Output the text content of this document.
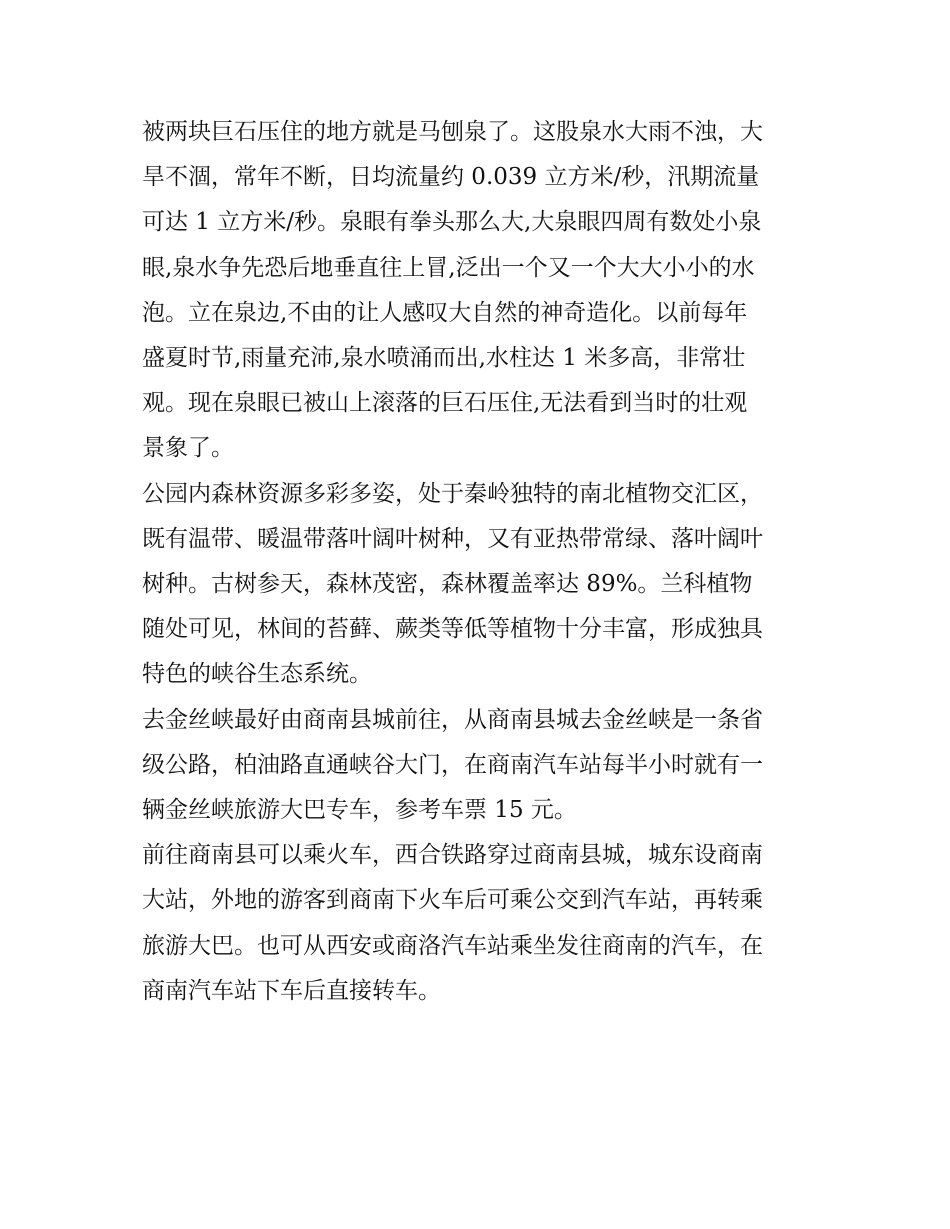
被两块巨石压住的地方就是马刨泉了。这股泉水大雨不浊，大
旱不涸，常年不断，日均流量约 0.039 立方米/秒，汛期流量
可达 1 立方米/秒。泉眼有拳头那么大,大泉眼四周有数处小泉
眼,泉水争先恐后地垂直往上冒,泛出一个又一个大大小小的水
泡。立在泉边,不由的让人感叹大自然的神奇造化。以前每年
盛夏时节,雨量充沛,泉水喷涌而出,水柱达 1 米多高，非常壮
观。现在泉眼已被山上滚落的巨石压住,无法看到当时的壮观
景象了。
公园内森林资源多彩多姿，处于秦岭独特的南北植物交汇区，
既有温带、暖温带落叶阔叶树种，又有亚热带常绿、落叶阔叶
树种。古树参天，森林茂密，森林覆盖率达 89%。兰科植物
随处可见，林间的苔藓、蕨类等低等植物十分丰富，形成独具
特色的峡谷生态系统。
去金丝峡最好由商南县城前往，从商南县城去金丝峡是一条省
级公路，柏油路直通峡谷大门，在商南汽车站每半小时就有一
辆金丝峡旅游大巴专车，参考车票 15 元。
前往商南县可以乘火车，西合铁路穿过商南县城，城东设商南
大站，外地的游客到商南下火车后可乘公交到汽车站，再转乘
旅游大巴。也可从西安或商洛汽车站乘坐发往商南的汽车，在
商南汽车站下车后直接转车。
